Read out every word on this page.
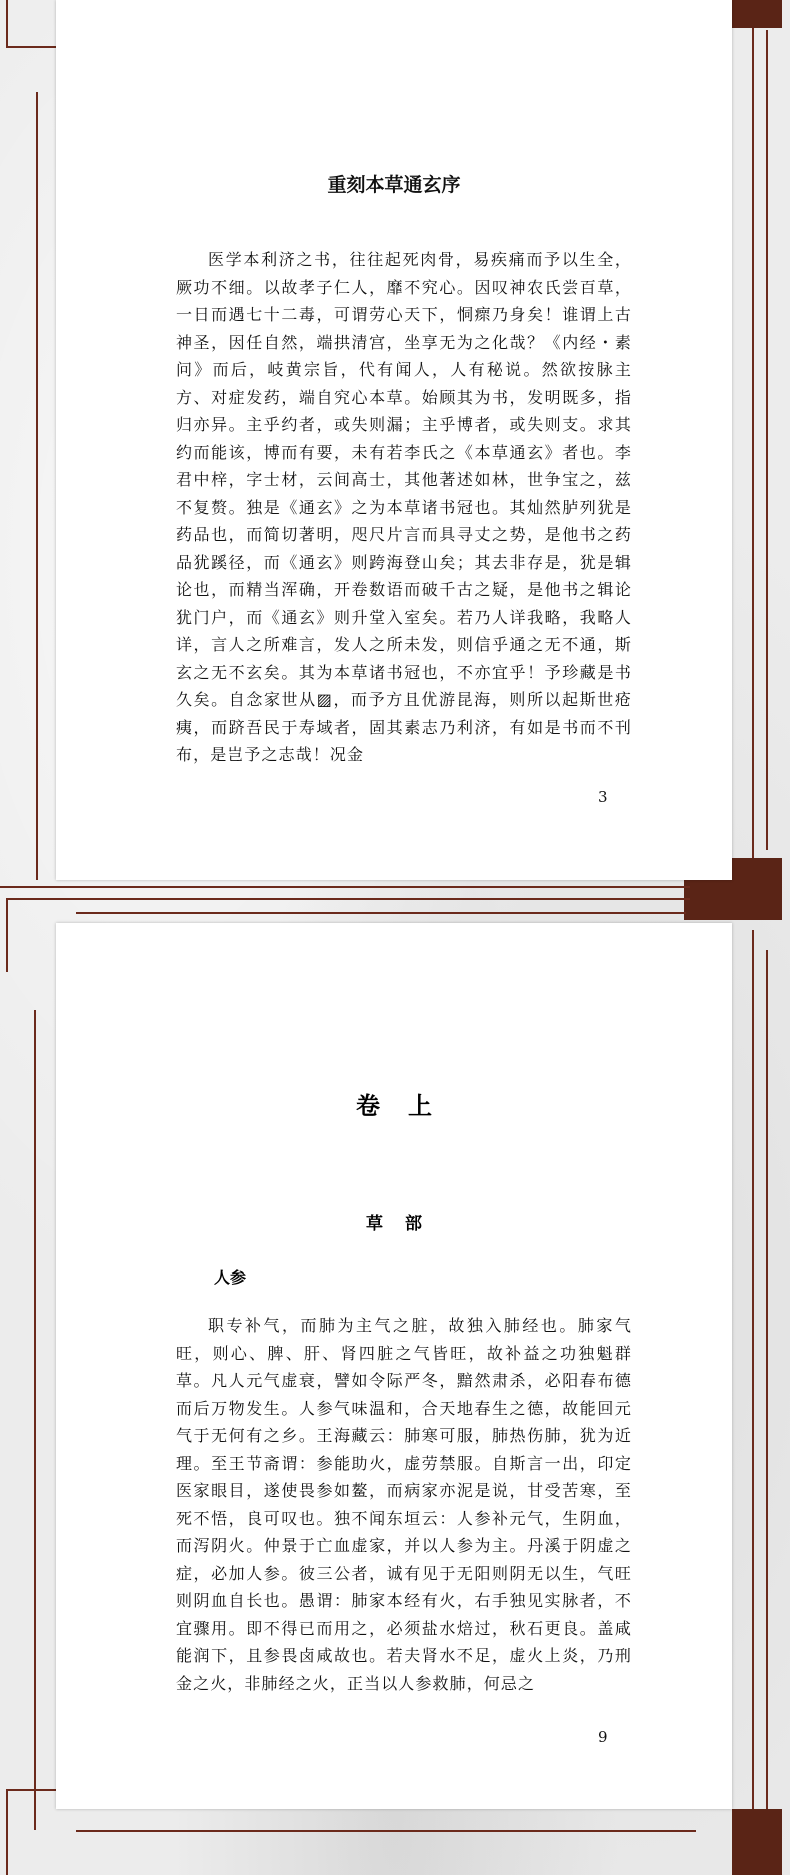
重刻本草通玄序

医学本利济之书，往往起死肉骨，易疾痛而予以生全，厥功不细。以故孝子仁人，靡不究心。因叹神农氏尝百草，一日而遇七十二毒，可谓劳心天下，恫瘝乃身矣！谁谓上古神圣，因任自然，端拱清宫，坐享无为之化哉？《内经・素问》而后，岐黄宗旨，代有闻人，人有秘说。然欲按脉主方、对症发药，端自究心本草。始顾其为书，发明既多，指归亦异。主乎约者，或失则漏；主乎博者，或失则支。求其约而能该，博而有要，未有若李氏之《本草通玄》者也。李君中梓，字士材，云间高士，其他著述如林，世争宝之，兹不复赘。独是《通玄》之为本草诸书冠也。其灿然胪列犹是药品也，而简切著明，咫尺片言而具寻丈之势，是他书之药品犹蹊径，而《通玄》则跨海登山矣；其去非存是，犹是辑论也，而精当浑确，开卷数语而破千古之疑，是他书之辑论犹门户，而《通玄》则升堂入室矣。若乃人详我略，我略人详，言人之所难言，发人之所未发，则信乎通之无不通，斯玄之无不玄矣。其为本草诸书冠也，不亦宜乎！予珍藏是书久矣。自念家世从▨，而予方且优游昆海，则所以起斯世疮痍，而跻吾民于寿域者，固其素志乃利济，有如是书而不刊布，是岂予之志哉！况金

3
卷上
草部
人参

职专补气，而肺为主气之脏，故独入肺经也。肺家气旺，则心、脾、肝、肾四脏之气皆旺，故补益之功独魁群草。凡人元气虚衰，譬如令际严冬，黯然肃杀，必阳春布德而后万物发生。人参气味温和，合天地春生之德，故能回元气于无何有之乡。王海藏云：肺寒可服，肺热伤肺，犹为近理。至王节斋谓：参能助火，虚劳禁服。自斯言一出，印定医家眼目，遂使畏参如鳌，而病家亦泥是说，甘受苦寒，至死不悟，良可叹也。独不闻东垣云：人参补元气，生阴血，而泻阴火。仲景于亡血虚家，并以人参为主。丹溪于阴虚之症，必加人参。彼三公者，诚有见于无阳则阴无以生，气旺则阴血自长也。愚谓：肺家本经有火，右手独见实脉者，不宜骤用。即不得已而用之，必须盐水焙过，秋石更良。盖咸能润下，且参畏卤咸故也。若夫肾水不足，虚火上炎，乃刑金之火，非肺经之火，正当以人参救肺，何忌之

9
